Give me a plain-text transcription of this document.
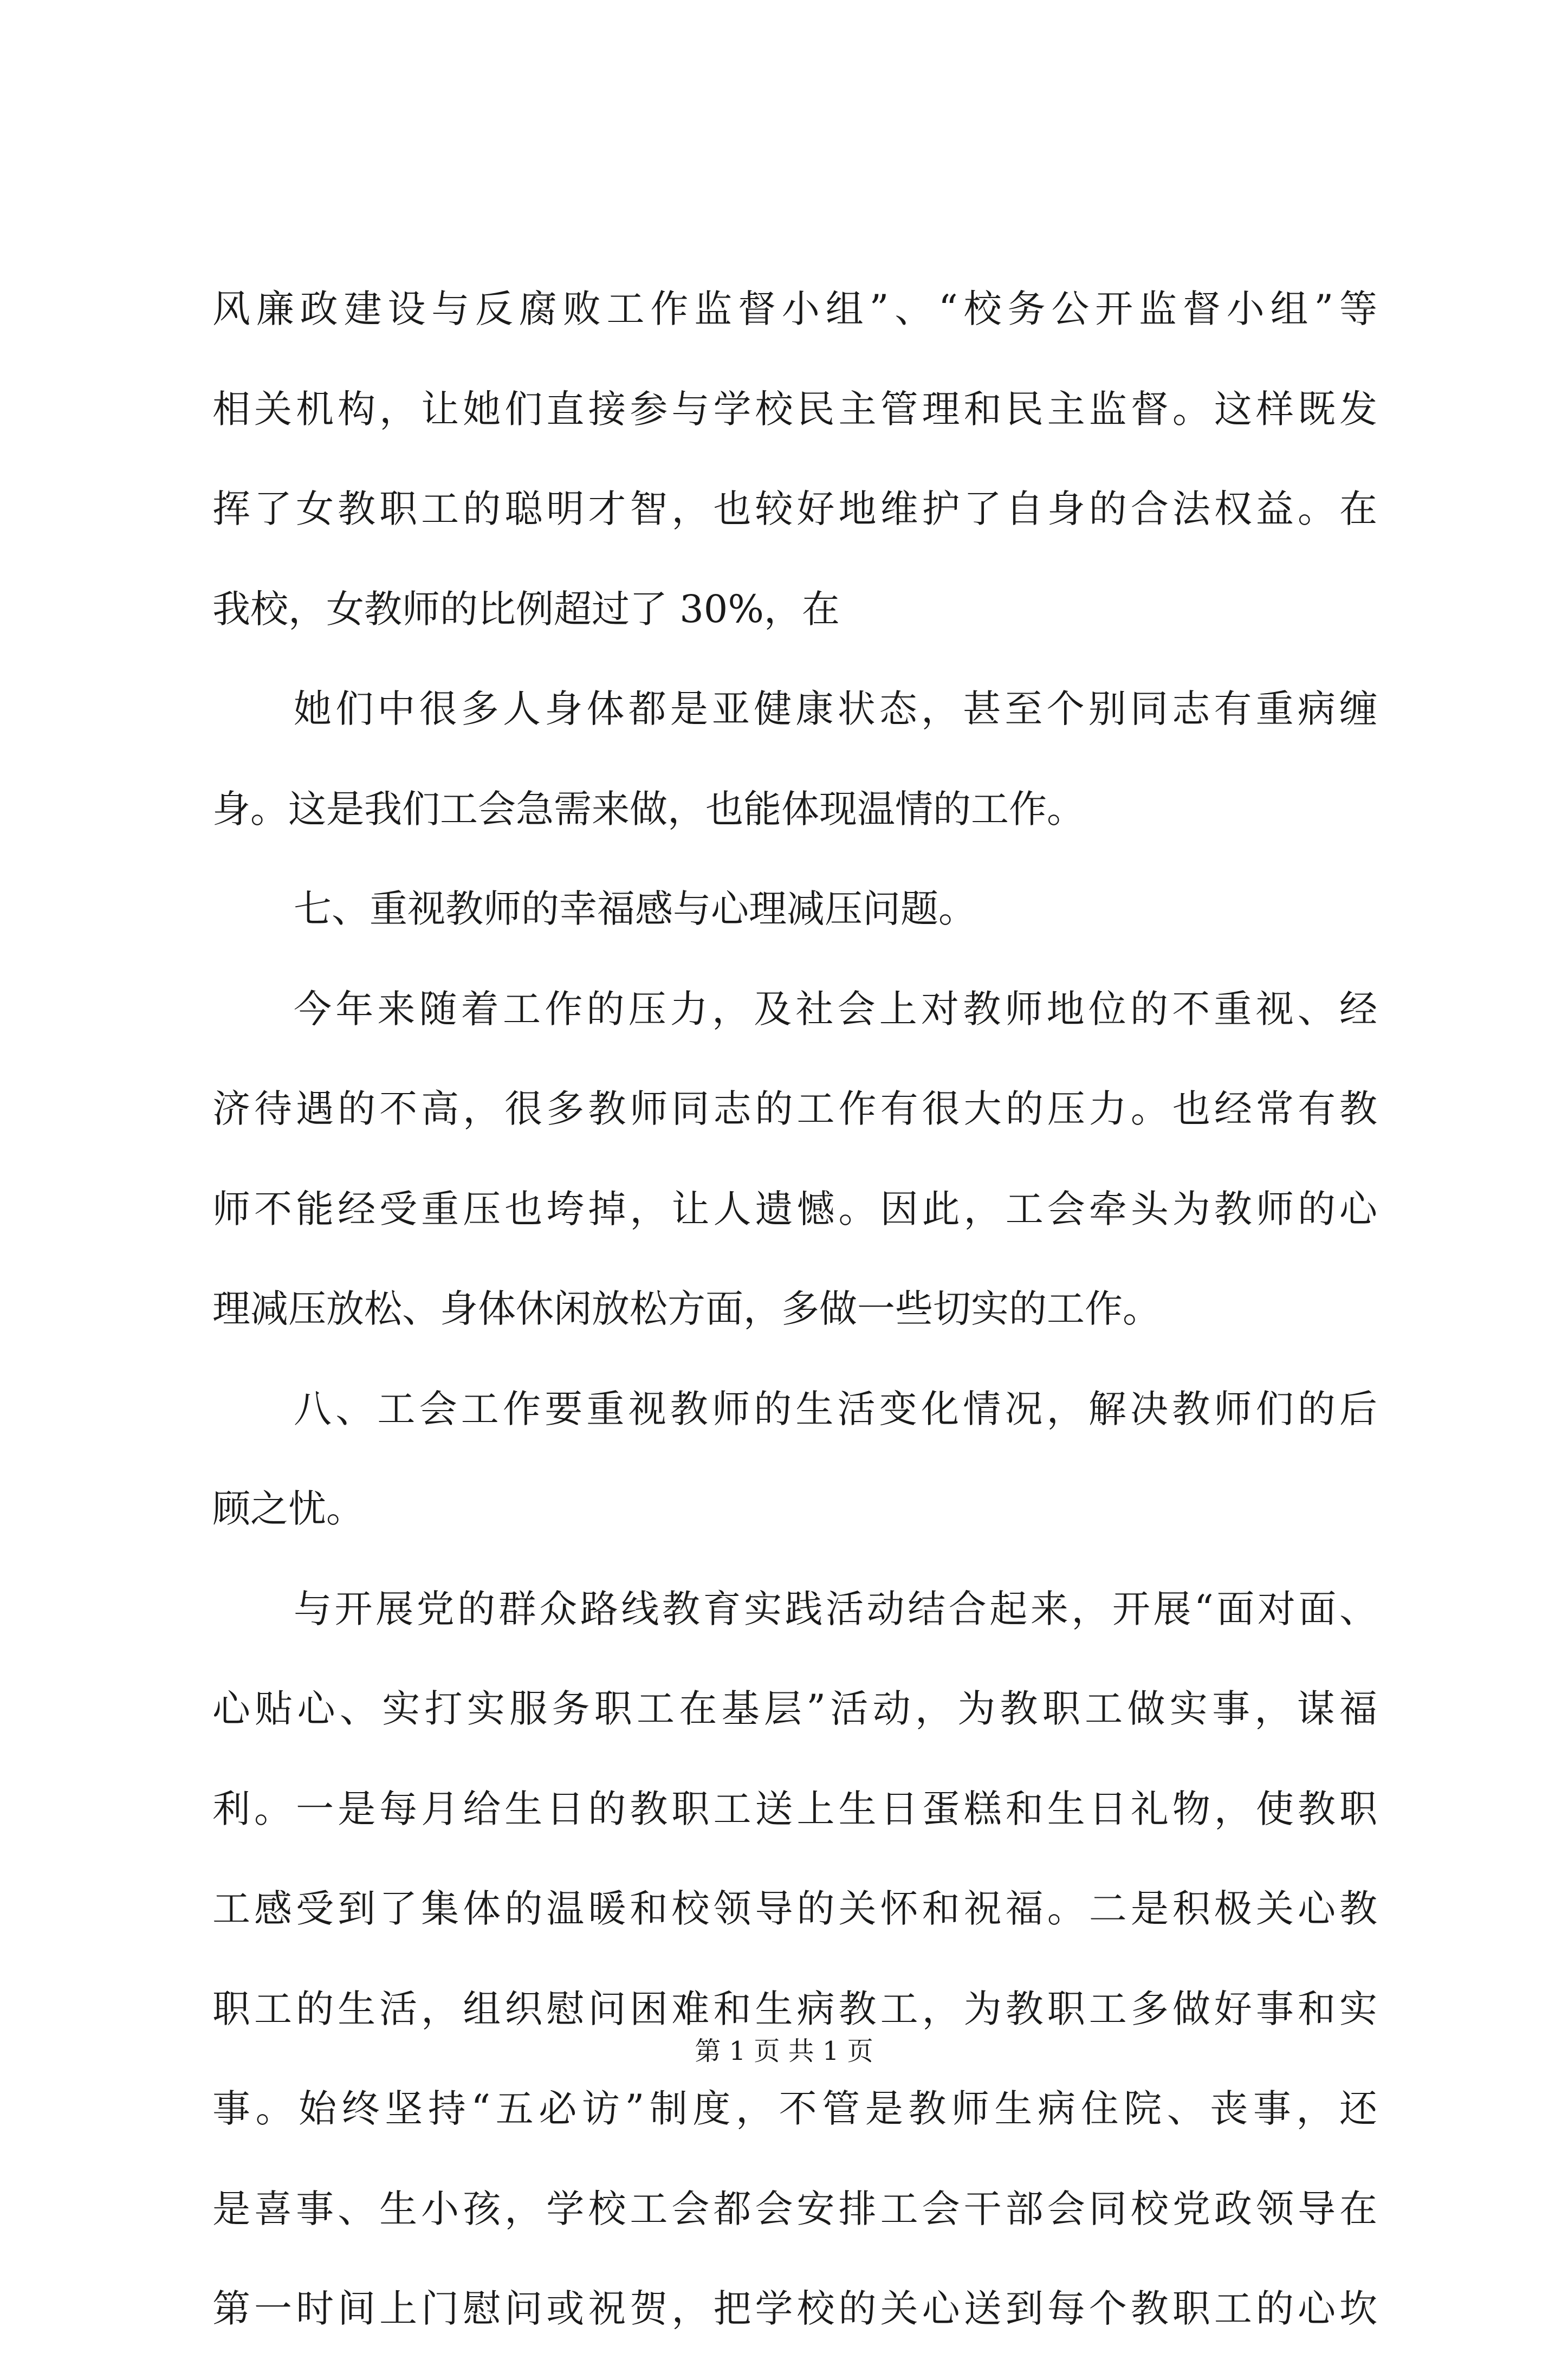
风廉政建设与反腐败工作监督小组”、“校务公开监督小组”等
相关机构，让她们直接参与学校民主管理和民主监督。这样既发
挥了女教职工的聪明才智，也较好地维护了自身的合法权益。在
我校，女教师的比例超过了 30%，在
她们中很多人身体都是亚健康状态，甚至个别同志有重病缠
身。这是我们工会急需来做，也能体现温情的工作。
七、重视教师的幸福感与心理减压问题。
今年来随着工作的压力，及社会上对教师地位的不重视、经
济待遇的不高，很多教师同志的工作有很大的压力。也经常有教
师不能经受重压也垮掉，让人遗憾。因此，工会牵头为教师的心
理减压放松、身体休闲放松方面，多做一些切实的工作。
八、工会工作要重视教师的生活变化情况，解决教师们的后
顾之忧。
与开展党的群众路线教育实践活动结合起来，开展“面对面、
心贴心、实打实服务职工在基层”活动，为教职工做实事，谋福
利。一是每月给生日的教职工送上生日蛋糕和生日礼物，使教职
工感受到了集体的温暖和校领导的关怀和祝福。二是积极关心教
职工的生活，组织慰问困难和生病教工，为教职工多做好事和实
事。始终坚持“五必访”制度，不管是教师生病住院、丧事，还
是喜事、生小孩，学校工会都会安排工会干部会同校党政领导在
第一时间上门慰问或祝贺，把学校的关心送到每个教职工的心坎
第 1 页 共 1 页
